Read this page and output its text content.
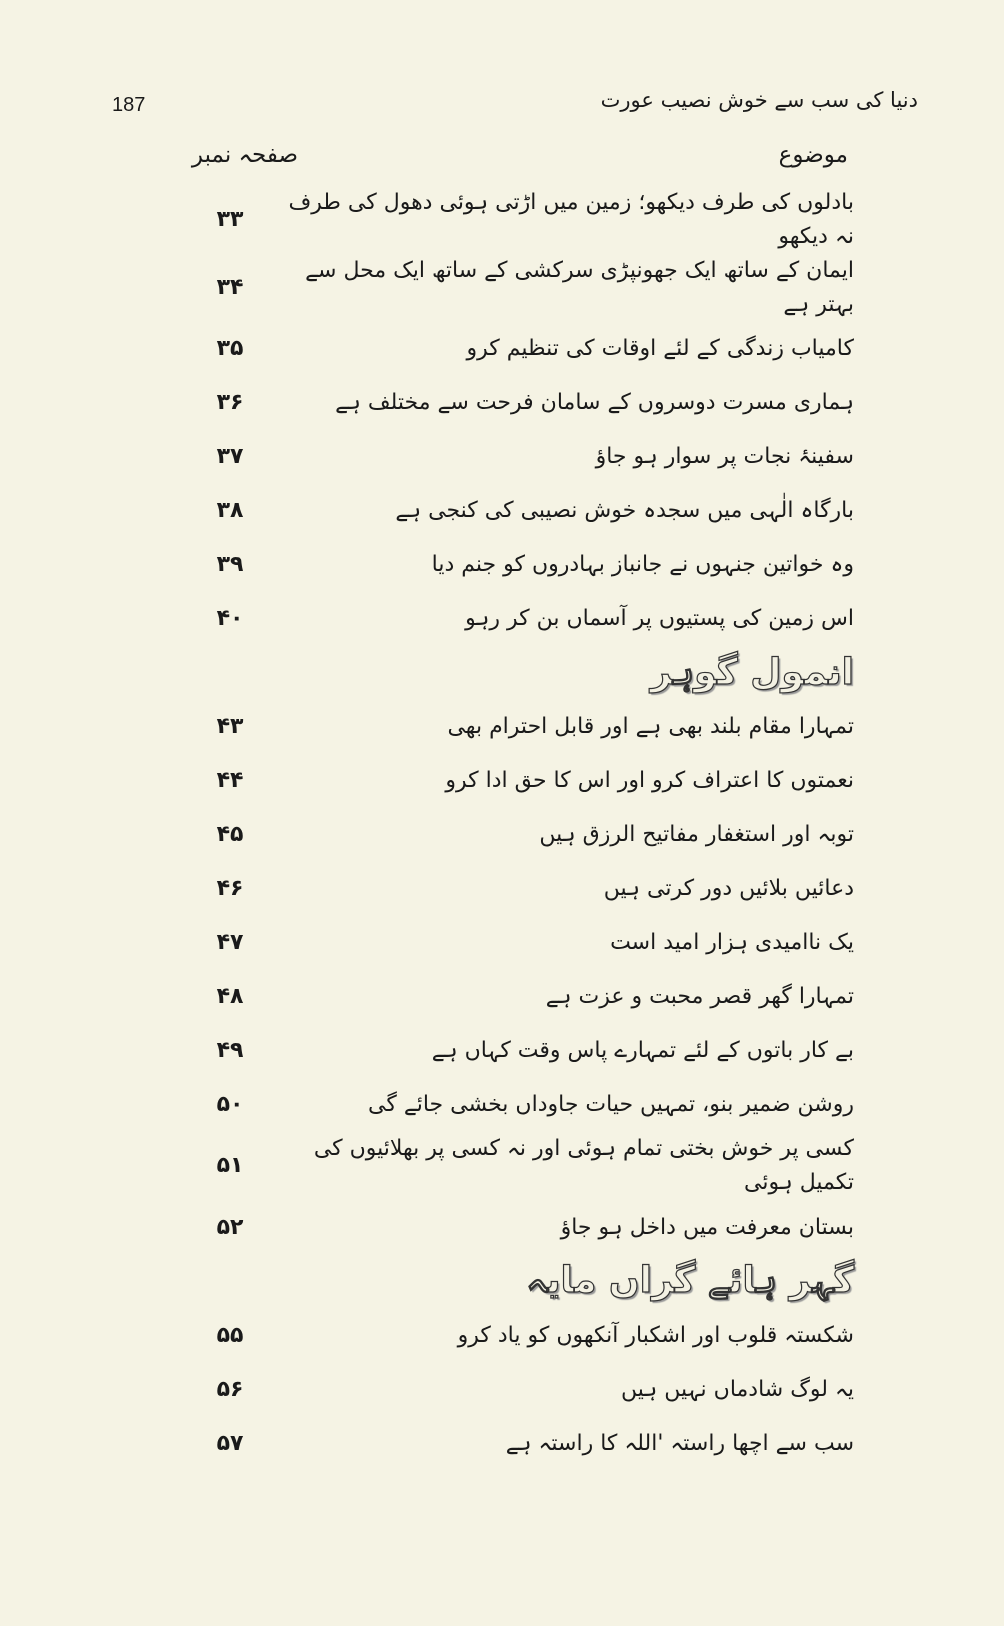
187	دنیا کی سب سے خوش نصیب عورت
موضوع
صفحہ نمبر
بادلوں کی طرف دیکھو؛ زمین میں اڑتی ہوئی دھول کی طرف نہ دیکھو
۳۳
ایمان کے ساتھ ایک جھونپڑی سرکشی کے ساتھ ایک محل سے بہتر ہے
۳۴
کامیاب زندگی کے لئے اوقات کی تنظیم کرو
۳۵
ہماری مسرت دوسروں کے سامان فرحت سے مختلف ہے
۳۶
سفینۂ نجات پر سوار ہو جاؤ
۳۷
بارگاہ الٰہی میں سجدہ خوش نصیبی کی کنجی ہے
۳۸
وہ خواتین جنہوں نے جانباز بہادروں کو جنم دیا
۳۹
اس زمین کی پستیوں پر آسماں بن کر رہو
۴۰
انمول گوہر
تمہارا مقام بلند بھی ہے اور قابل احترام بھی
۴۳
نعمتوں کا اعتراف کرو اور اس کا حق ادا کرو
۴۴
توبہ اور استغفار مفاتیح الرزق ہیں
۴۵
دعائیں بلائیں دور کرتی ہیں
۴۶
یک ناامیدی ہزار امید است
۴۷
تمہارا گھر قصر محبت و عزت ہے
۴۸
بے کار باتوں کے لئے تمہارے پاس وقت کہاں ہے
۴۹
روشن ضمیر بنو، تمہیں حیات جاوداں بخشی جائے گی
۵۰
کسی پر خوش بختی تمام ہوئی اور نہ کسی پر بھلائیوں کی تکمیل ہوئی
۵۱
بستان معرفت میں داخل ہو جاؤ
۵۲
گہر ہائے گراں مایہ
شکستہ قلوب اور اشکبار آنکھوں کو یاد کرو
۵۵
یہ لوگ شادماں نہیں ہیں
۵۶
سب سے اچھا راستہ 'اللہ کا راستہ ہے
۵۷
